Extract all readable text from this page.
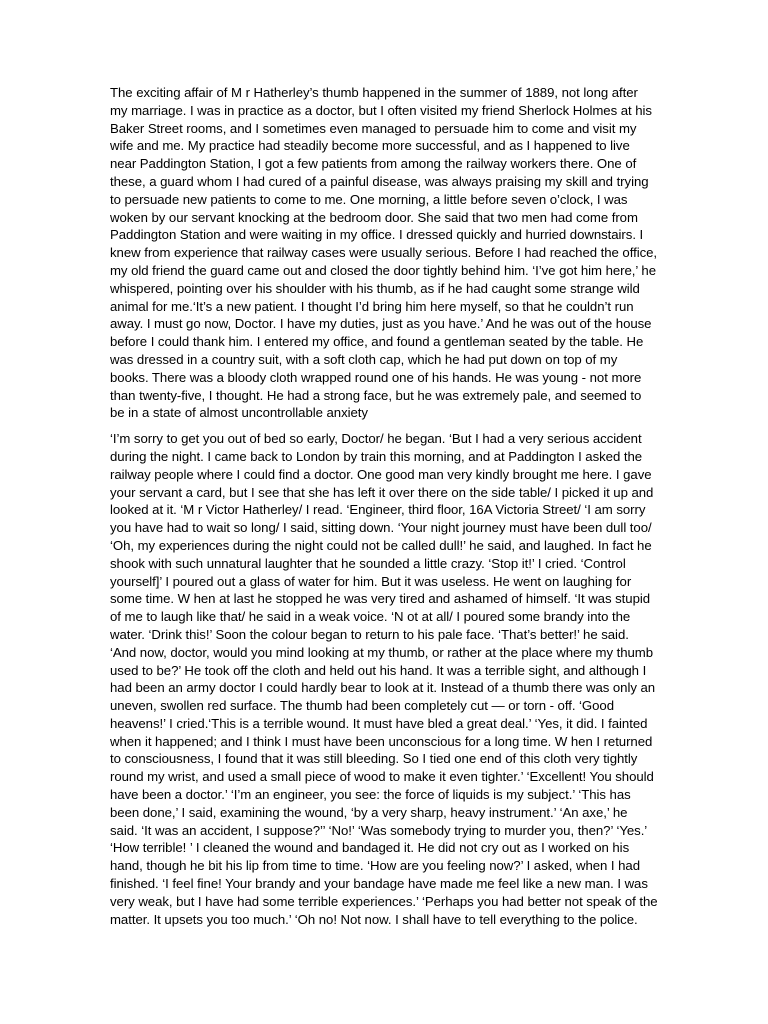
The exciting affair of M r Hatherley’s thumb happened in the summer of 1889, not long after my marriage. I was in practice as a doctor, but I often visited my friend Sherlock Holmes at his Baker Street rooms, and I sometimes even managed to persuade him to come and visit my wife and me. My practice had steadily become more successful, and as I happened to live near Paddington Station, I got a few patients from among the railway workers there. One of these, a guard whom I had cured of a painful disease, was always praising my skill and trying to persuade new patients to come to me. One morning, a little before seven o’clock, I was woken by our servant knocking at the bedroom door. She said that two men had come from Paddington Station and were waiting in my office. I dressed quickly and hurried downstairs. I knew from experience that railway cases were usually serious. Before I had reached the office, my old friend the guard came out and closed the door tightly behind him. ‘I’ve got him here,’ he whispered, pointing over his shoulder with his thumb, as if he had caught some strange wild animal for me.‘It’s a new patient. I thought I’d bring him here myself, so that he couldn’t run away. I must go now, Doctor. I have my duties, just as you have.’ And he was out of the house before I could thank him. I entered my office, and found a gentleman seated by the table. He was dressed in a country suit, with a soft cloth cap, which he had put down on top of my books. There was a bloody cloth wrapped round one of his hands. He was young - not more than twenty-five, I thought. He had a strong face, but he was extremely pale, and seemed to be in a state of almost uncontrollable anxiety

‘I’m sorry to get you out of bed so early, Doctor/ he began. ‘But I had a very serious accident during the night. I came back to London by train this morning, and at Paddington I asked the railway people where I could find a doctor. One good man very kindly brought me here. I gave your servant a card, but I see that she has left it over there on the side table/ I picked it up and looked at it. ‘M r Victor Hatherley/ I read. ‘Engineer, third floor, 16A Victoria Street/ ‘I am sorry you have had to wait so long/ I said, sitting down. ‘Your night journey must have been dull too/ ‘Oh, my experiences during the night could not be called dull!’ he said, and laughed. In fact he shook with such unnatural laughter that he sounded a little crazy. ‘Stop it!’ I cried. ‘Control yourself]’ I poured out a glass of water for him. But it was useless. He went on laughing for some time. W hen at last he stopped he was very tired and ashamed of himself. ‘It was stupid of me to laugh like that/ he said in a weak voice. ‘N ot at all/ I poured some brandy into the water. ‘Drink this!’ Soon the colour began to return to his pale face. ‘That’s better!’ he said. ‘And now, doctor, would you mind looking at my thumb, or rather at the place where my thumb used to be?’ He took off the cloth and held out his hand. It was a terrible sight, and although I had been an army doctor I could hardly bear to look at it. Instead of a thumb there was only an uneven, swollen red surface. The thumb had been completely cut — or torn - off. ‘Good heavens!’ I cried.‘This is a terrible wound. It must have bled a great deal.’ ‘Yes, it did. I fainted when it happened; and I think I must have been unconscious for a long time. W hen I returned to consciousness, I found that it was still bleeding. So I tied one end of this cloth very tightly round my wrist, and used a small piece of wood to make it even tighter.’ ‘Excellent! You should have been a doctor.’ ‘I’m an engineer, you see: the force of liquids is my subject.’ ‘This has been done,’ I said, examining the wound, ‘by a very sharp, heavy instrument.’ ‘An axe,’ he said. ‘It was an accident, I suppose?’’ ‘No!’ ‘Was somebody trying to murder you, then?’ ‘Yes.’ ‘How terrible! ’ I cleaned the wound and bandaged it. He did not cry out as I worked on his hand, though he bit his lip from time to time. ‘How are you feeling now?’ I asked, when I had finished. ‘I feel fine! Your brandy and your bandage have made me feel like a new man. I was very weak, but I have had some terrible experiences.’ ‘Perhaps you had better not speak of the matter. It upsets you too much.’ ‘Oh no! Not now. I shall have to tell everything to the police.
